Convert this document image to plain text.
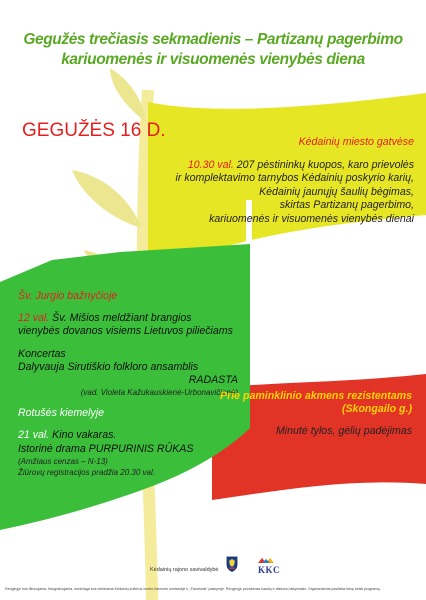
Gegužės trečiasis sekmadienis – Partizanų pagerbimo
kariuomenės ir visuomenės vienybės diena
GEGUŽĖS 16 D.
Kėdainių miesto gatvėse
10.30 val. 207 pėstininkų kuopos, karo prievolės
ir komplektavimo tarnybos Kėdainių poskyrio karių,
Kėdainių jaunųjų šaulių bėgimas,
skirtas Partizanų pagerbimo,
kariuomenės ir visuomenės vienybės dienai
Šv. Jurgio bažnyčioje
12 val. Šv. Mišios meldžiant brangios
vienybės dovanos visiems Lietuvos piliečiams
Koncertas
Dalyvauja Sirutiškio folkloro ansamblis
RADASTA
(vad. Violeta Kažukauskienė-Urbonavičienė)
Rotušės kiemelyje
21 val. Kino vakaras.
Istorinė drama PURPURINIS RŪKAS
(Amžiaus cenzas – N-13)
Žiūrovų registracijos pradžia 20.30 val.
Prie paminklinio akmens rezistentams
(Skongailo g.)
Minutė tylos, gėlių padėjimas
Kėdainių rajono savivaldybė	KKC
Renginyje bus filmuojama, fotografuojama, medžiaga bus viešinama Kėdainių kultūros centro interneto svetainėje ir „Facebook“ paskyroje. Renginyje privalomas kaukių ir atstumo laikymasis. Organizatoriai pasilieka teisę keisti programą.
